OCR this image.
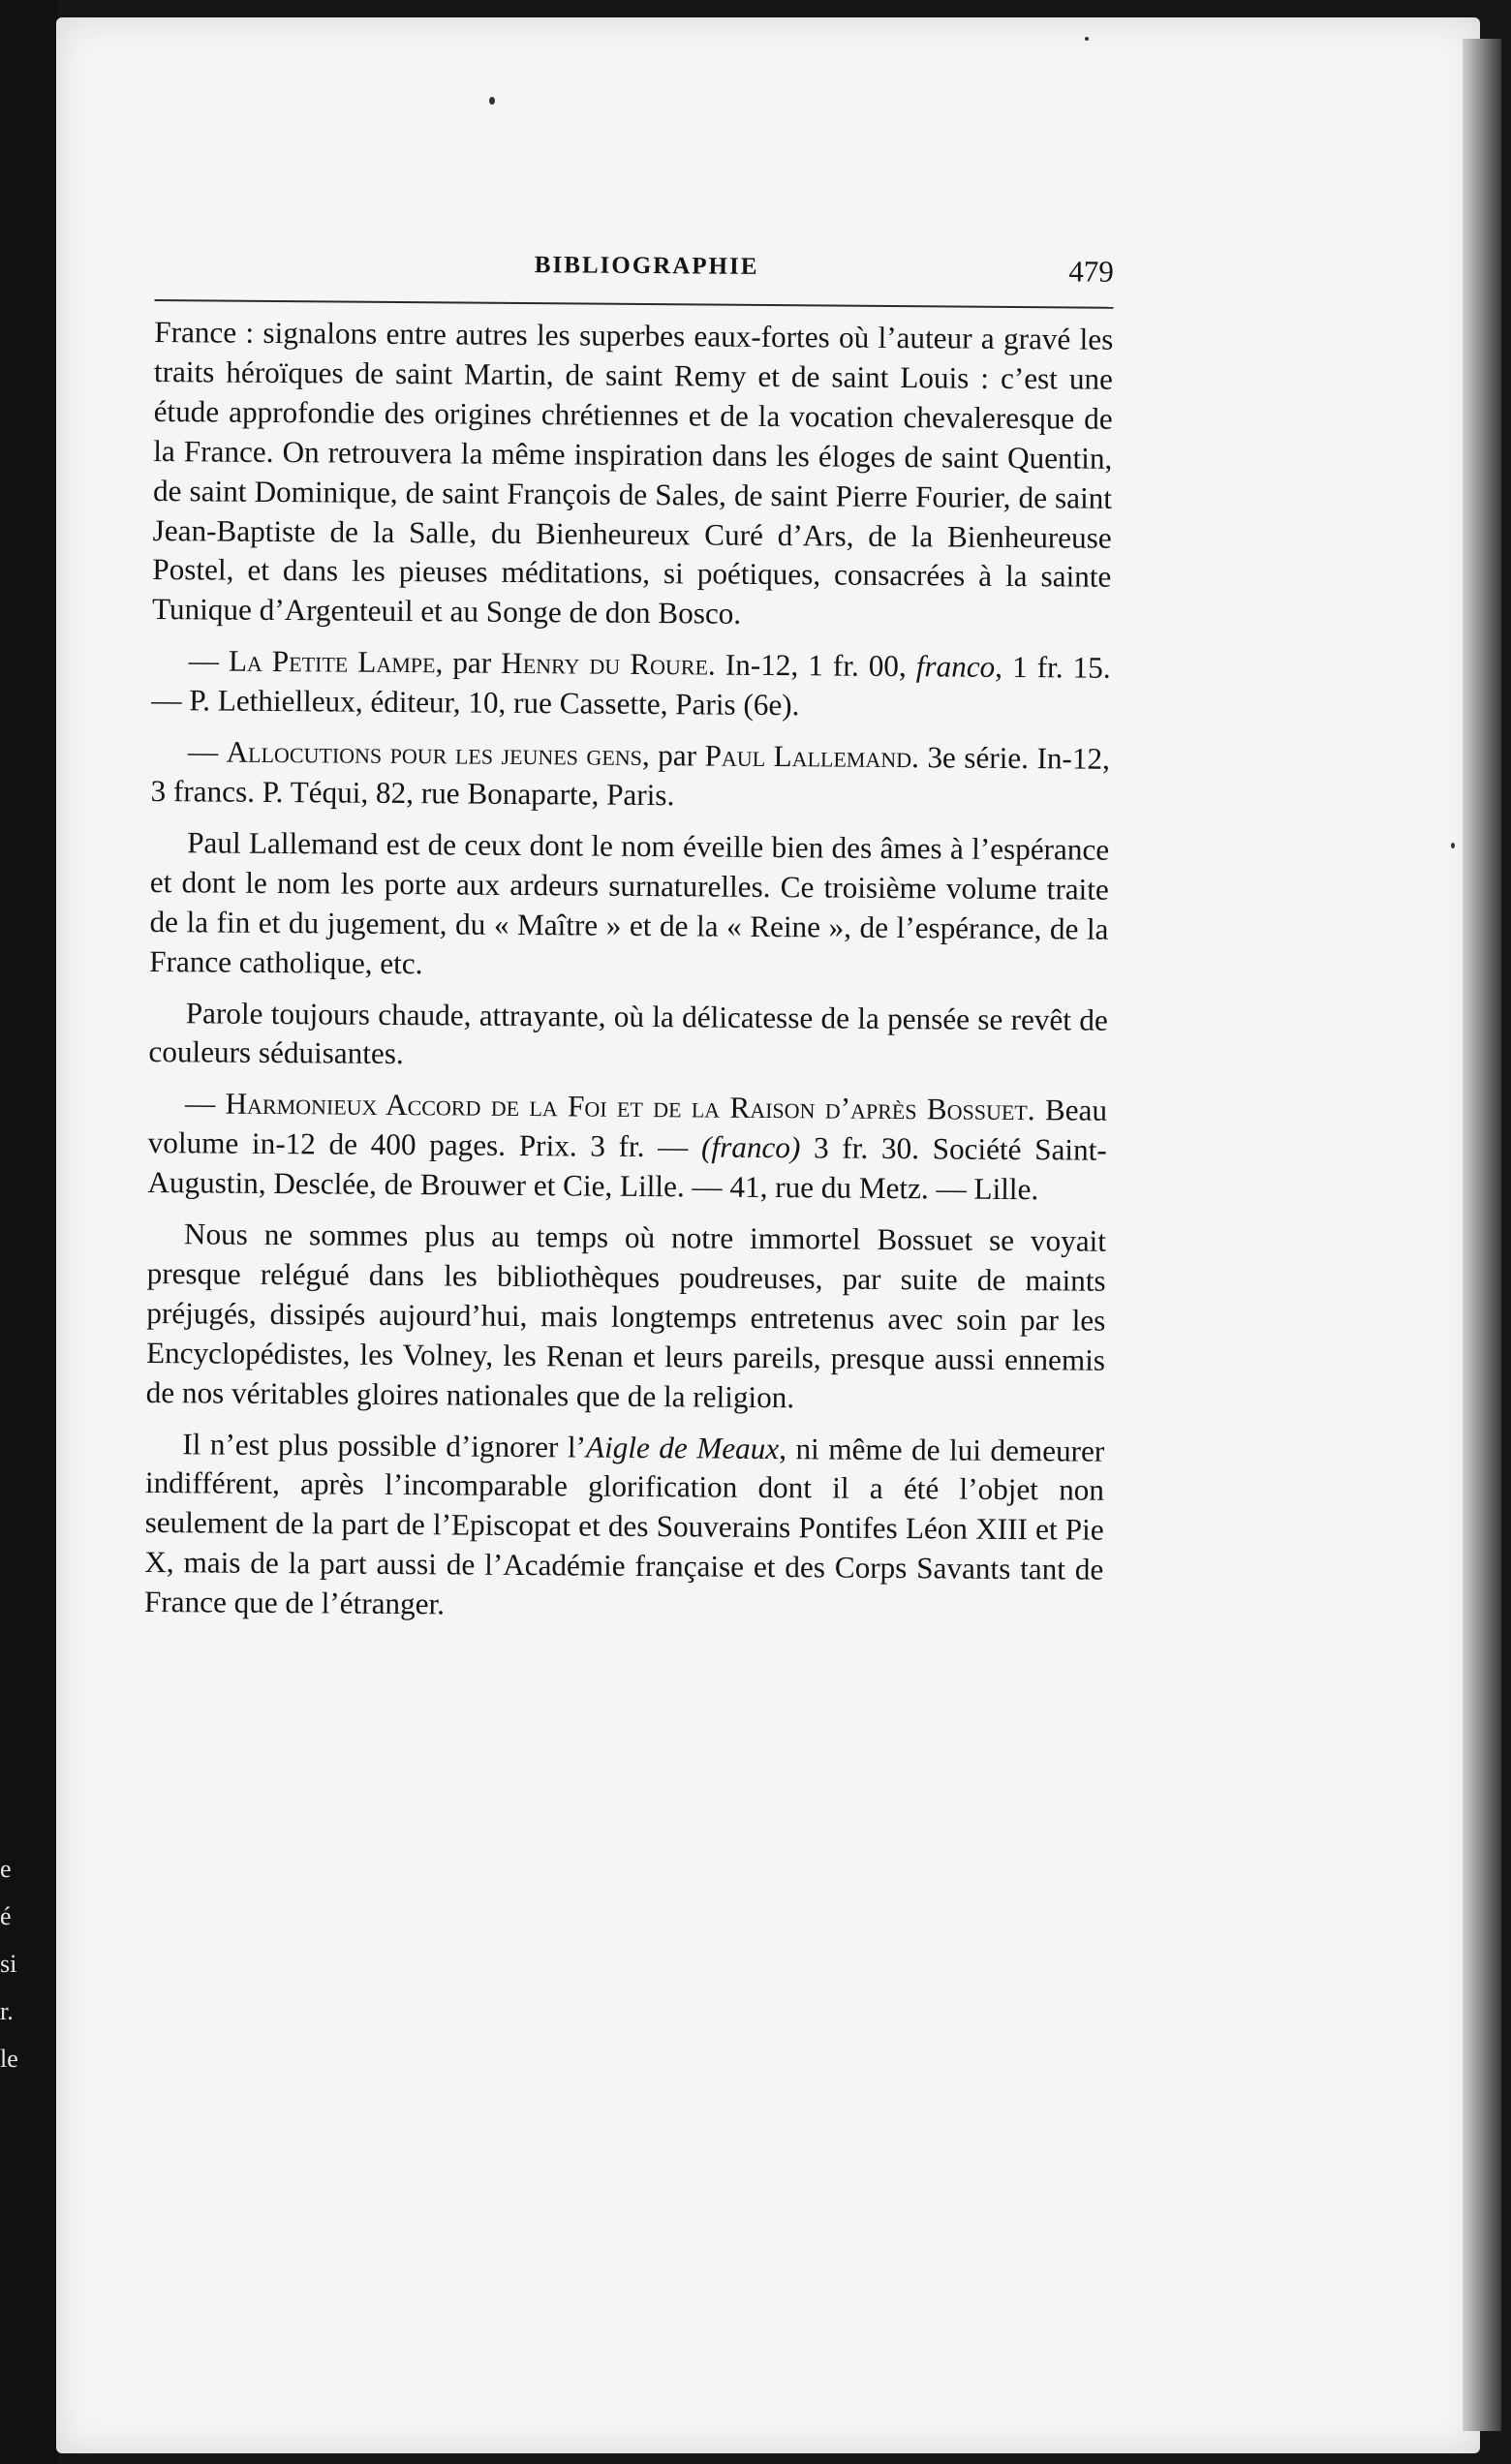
e
é
si
r.
le
BIBLIOGRAPHIE	479

France : signalons entre autres les superbes eaux-fortes où l’auteur a gravé les traits héroïques de saint Martin, de saint Remy et de saint Louis : c’est une étude approfondie des origines chrétiennes et de la vocation chevaleresque de la France. On retrouvera la même inspiration dans les éloges de saint Quentin, de saint Dominique, de saint François de Sales, de saint Pierre Fourier, de saint Jean-Baptiste de la Salle, du Bienheureux Curé d’Ars, de la Bienheureuse Postel, et dans les pieuses méditations, si poétiques, consacrées à la sainte Tunique d’Argenteuil et au Songe de don Bosco.

— La Petite Lampe, par Henry du Roure. In-12, 1 fr. 00, franco, 1 fr. 15. — P. Lethielleux, éditeur, 10, rue Cassette, Paris (6e).

— Allocutions pour les jeunes gens, par Paul Lallemand. 3e série. In-12, 3 francs. P. Téqui, 82, rue Bonaparte, Paris.

Paul Lallemand est de ceux dont le nom éveille bien des âmes à l’espérance et dont le nom les porte aux ardeurs surnaturelles. Ce troisième volume traite de la fin et du jugement, du « Maître » et de la « Reine », de l’espérance, de la France catholique, etc.

Parole toujours chaude, attrayante, où la délicatesse de la pensée se revêt de couleurs séduisantes.

— Harmonieux Accord de la Foi et de la Raison d’après Bossuet. Beau volume in-12 de 400 pages. Prix. 3 fr. — (franco) 3 fr. 30. Société Saint-Augustin, Desclée, de Brouwer et Cie, Lille. — 41, rue du Metz. — Lille.

Nous ne sommes plus au temps où notre immortel Bossuet se voyait presque relégué dans les bibliothèques poudreuses, par suite de maints préjugés, dissipés aujourd’hui, mais longtemps entretenus avec soin par les Encyclopédistes, les Volney, les Renan et leurs pareils, presque aussi ennemis de nos véritables gloires nationales que de la religion.

Il n’est plus possible d’ignorer l’Aigle de Meaux, ni même de lui demeurer indifférent, après l’incomparable glorification dont il a été l’objet non seulement de la part de l’Episcopat et des Souverains Pontifes Léon XIII et Pie X, mais de la part aussi de l’Académie française et des Corps Savants tant de France que de l’étranger.
